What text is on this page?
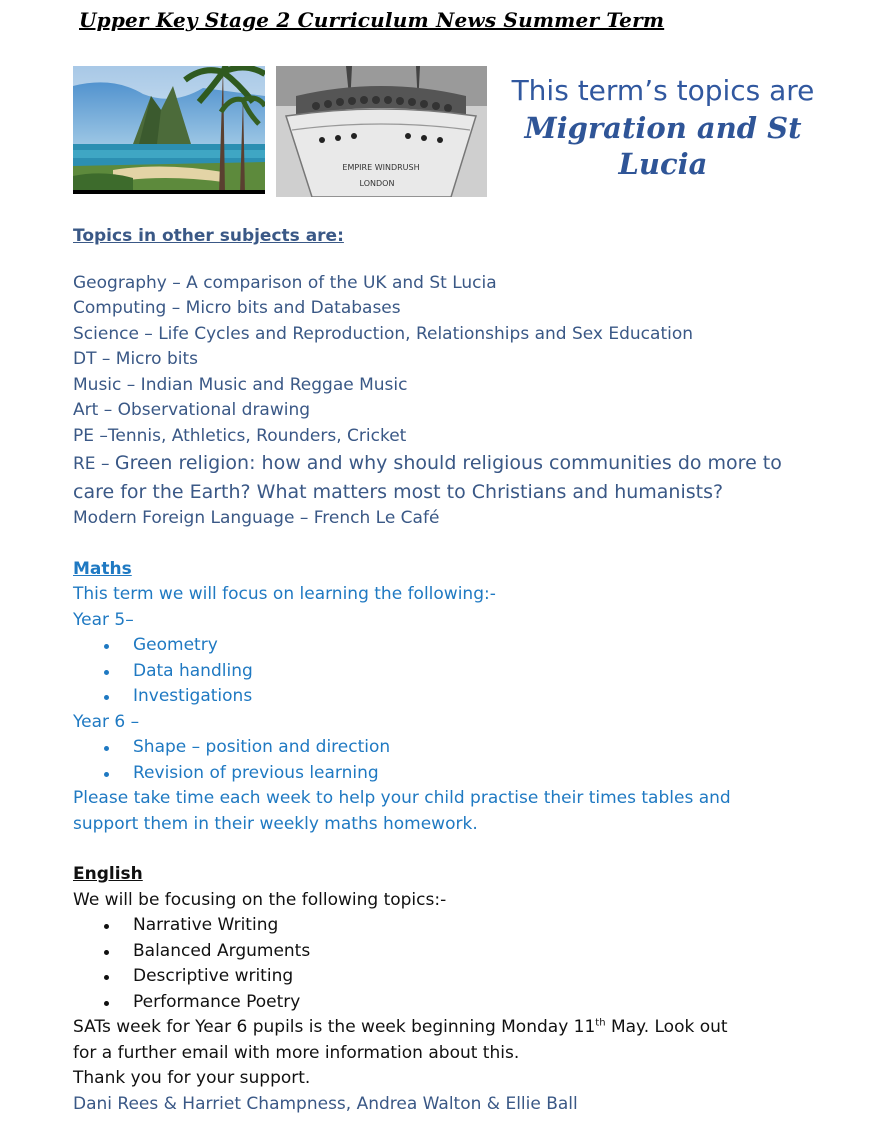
Upper Key Stage 2 Curriculum News Summer Term
EMPIRE WINDRUSH
LONDON
This term’s topics are
Migration and St Lucia
Topics in other subjects are:
Geography – A comparison of the UK and St Lucia
Computing – Micro bits and Databases
Science – Life Cycles and Reproduction, Relationships and Sex Education
DT – Micro bits
Music – Indian Music and Reggae Music
Art – Observational drawing
PE –Tennis, Athletics, Rounders, Cricket
RE – Green religion: how and why should religious communities do more to
care for the Earth? What matters most to Christians and humanists?
Modern Foreign Language – French Le Café
Maths
This term we will focus on learning the following:-
Year 5–
Geometry
Data handling
Investigations
Year 6 –
Shape – position and direction
Revision of previous learning
Please take time each week to help your child practise their times tables and
support them in their weekly maths homework.
English
We will be focusing on the following topics:-
Narrative Writing
Balanced Arguments
Descriptive writing
Performance Poetry
SATs week for Year 6 pupils is the week beginning Monday 11th May. Look out
for a further email with more information about this.
Thank you for your support.
Dani Rees & Harriet Champness, Andrea Walton & Ellie Ball
